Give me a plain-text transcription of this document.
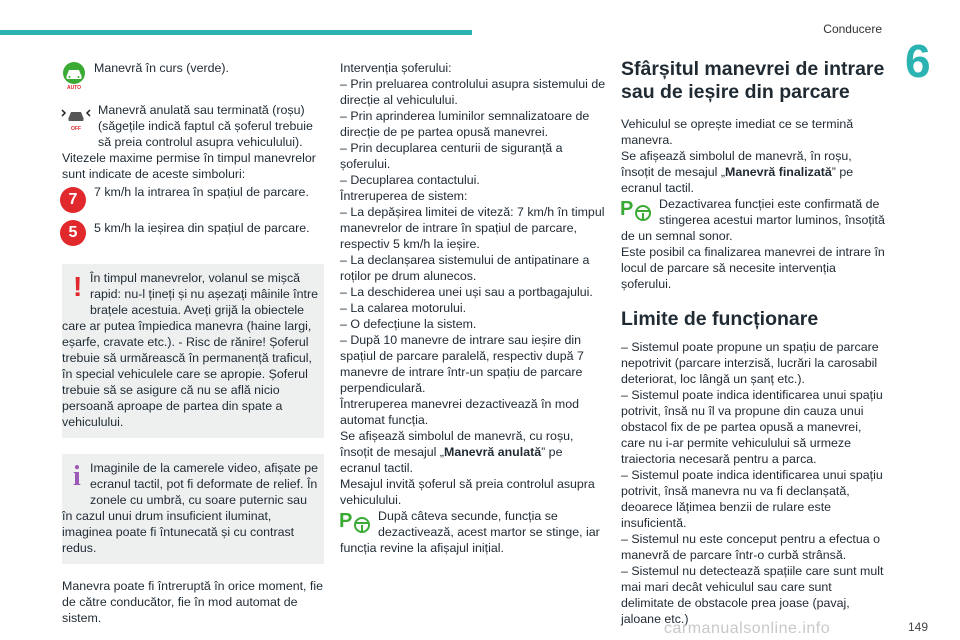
Conducere
6
AUTO

Manevră în curs (verde).

OFF

Manevră anulată sau terminată (roșu) (săgețile indică faptul că șoferul trebuie să preia controlul asupra vehiculului).

Vitezele maxime permise în timpul manevrelor sunt indicate de aceste simboluri:

7	7 km/h la intrarea în spațiul de parcare.

5	5 km/h la ieșirea din spațiul de parcare.

! În timpul manevrelor, volanul se mișcă rapid: nu-l țineți și nu așezați mâinile între brațele acestuia. Aveți grijă la obiectele care ar putea împiedica manevra (haine largi, eșarfe, cravate etc.). - Risc de rănire! Șoferul trebuie să urmărească în permanență traficul, în special vehiculele care se apropie. Șoferul trebuie să se asigure că nu se află nicio persoană aproape de partea din spate a vehiculului.

i Imaginile de la camerele video, afișate pe ecranul tactil, pot fi deformate de relief. În zonele cu umbră, cu soare puternic sau în cazul unui drum insuficient iluminat, imaginea poate fi întunecată și cu contrast redus.

Manevra poate fi întreruptă în orice moment, fie de către conducător, fie în mod automat de sistem.

Intervenția șoferului:

– Prin preluarea controlului asupra sistemului de direcție al vehiculului.

– Prin aprinderea luminilor semnalizatoare de direcție de pe partea opusă manevrei.

– Prin decuplarea centurii de siguranță a șoferului.

– Decuplarea contactului.

Întreruperea de sistem:

– La depășirea limitei de viteză: 7 km/h în timpul manevrelor de intrare în spațiul de parcare, respectiv 5 km/h la ieșire.

– La declanșarea sistemului de antipatinare a roților pe drum alunecos.

– La deschiderea unei uși sau a portbagajului.

– La calarea motorului.

– O defecțiune la sistem.

– După 10 manevre de intrare sau ieșire din spațiul de parcare paralelă, respectiv după 7 manevre de intrare într-un spațiu de parcare perpendiculară.

Întreruperea manevrei dezactivează în mod automat funcția.

Se afișează simbolul de manevră, cu roșu, însoțit de mesajul „Manevră anulată” pe ecranul tactil.

Mesajul invită șoferul să preia controlul asupra vehiculului.

P	După câteva secunde, funcția se dezactivează, acest martor se stinge, iar funcția revine la afișajul inițial.

Sfârșitul manevrei de intrare sau de ieșire din parcare

Vehiculul se oprește imediat ce se termină manevra.

Se afișează simbolul de manevră, în roșu, însoțit de mesajul „Manevră finalizată” pe ecranul tactil.

P	Dezactivarea funcției este confirmată de stingerea acestui martor luminos, însoțită de un semnal sonor.

Este posibil ca finalizarea manevrei de intrare în locul de parcare să necesite intervenția șoferului.

Limite de funcționare

– Sistemul poate propune un spațiu de parcare nepotrivit (parcare interzisă, lucrări la carosabil deteriorat, loc lângă un șanț etc.).

– Sistemul poate indica identificarea unui spațiu potrivit, însă nu îl va propune din cauza unui obstacol fix de pe partea opusă a manevrei, care nu i-ar permite vehiculului să urmeze traiectoria necesară pentru a parca.

– Sistemul poate indica identificarea unui spațiu potrivit, însă manevra nu va fi declanșată, deoarece lățimea benzii de rulare este insuficientă.

– Sistemul nu este conceput pentru a efectua o manevră de parcare într-o curbă strânsă.

– Sistemul nu detectează spațiile care sunt mult mai mari decât vehiculul sau care sunt delimitate de obstacole prea joase (pavaj, jaloane etc.)

149
carmanualsonline.info
